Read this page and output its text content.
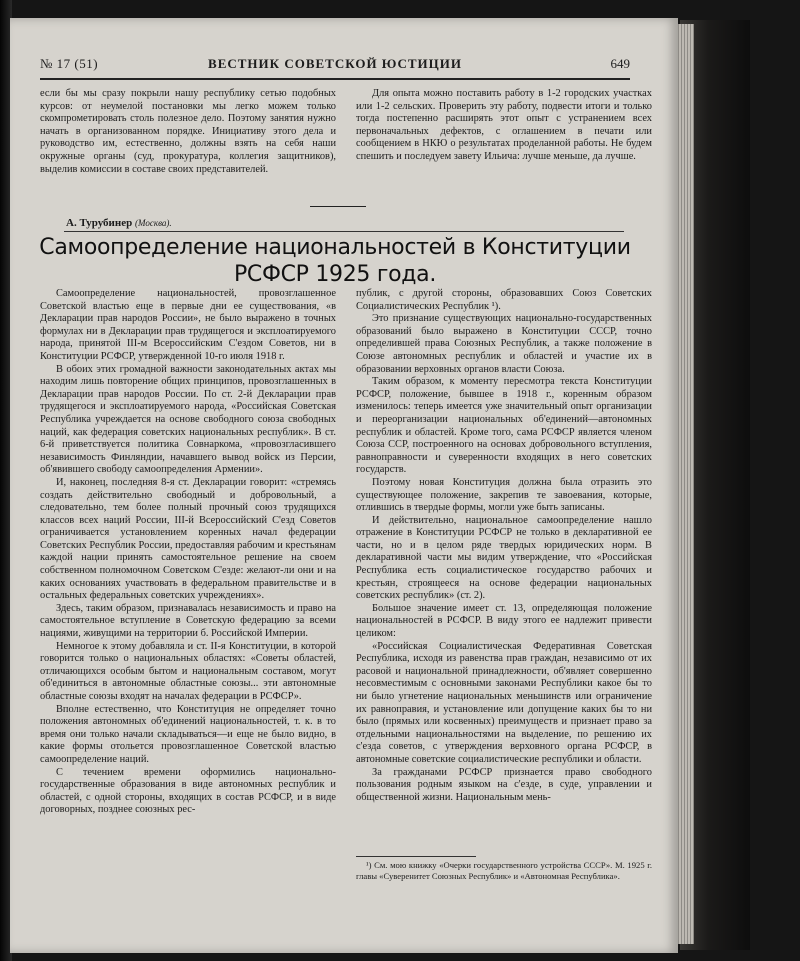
№ 17 (51)	ВЕСТНИК СОВЕТСКОЙ ЮСТИЦИИ	649

если бы мы сразу покрыли нашу республику сетью подобных курсов: от неумелой постановки мы легко можем только скомпрометировать столь полезное дело. Поэтому занятия нужно начать в организованном порядке. Инициативу этого дела и руководство им, естественно, должны взять на себя наши окружные органы (суд, прокуратура, коллегия защитников), выделив комиссии в составе своих представителей.

Для опыта можно поставить работу в 1-2 городских участках или 1-2 сельских. Проверить эту работу, подвести итоги и только тогда постепенно расширять этот опыт с устранением всех первоначальных дефектов, с оглашением в печати или сообщением в НКЮ о результатах проделанной работы. Не будем спешить и последуем завету Ильича: лучше меньше, да лучше.

А. Турубинер (Москва).
Самоопределение национальностей в Конституции РСФСР 1925 года.

Самоопределение национальностей, провозглашенное Советской властью еще в первые дни ее существования, «в Декларации прав народов России», не было выражено в точных формулах ни в Декларации прав трудящегося и эксплоатируемого народа, принятой III-м Всероссийским С'ездом Советов, ни в Конституции РСФСР, утвержденной 10-го июля 1918 г.

В обоих этих громадной важности законодательных актах мы находим лишь повторение общих принципов, провозглашенных в Декларации прав народов России. По ст. 2-й Декларации прав трудящегося и эксплоатируемого народа, «Российская Советская Республика учреждается на основе свободного союза свободных наций, как федерация советских национальных республик». В ст. 6-й приветствуется политика Совнаркома, «провозгласившего независимость Финляндии, начавшего вывод войск из Персии, об'явившего свободу самоопределения Армении».

И, наконец, последняя 8-я ст. Декларации говорит: «стремясь создать действительно свободный и добровольный, а следовательно, тем более полный прочный союз трудящихся классов всех наций России, III-й Всероссийский С'езд Советов ограничивается установлением коренных начал федерации Советских Республик России, предоставляя рабочим и крестьянам каждой нации принять самостоятельное решение на своем собственном полномочном Советском С'езде: желают-ли они и на каких основаниях участвовать в федеральном правительстве и в остальных федеральных советских учреждениях».

Здесь, таким образом, признавалась независимость и право на самостоятельное вступление в Советскую федерацию за всеми нациями, живущими на территории б. Российской Империи.

Немногое к этому добавляла и ст. II-я Конституции, в которой говорится только о национальных областях: «Советы областей, отличающихся особым бытом и национальным составом, могут об'единиться в автономные областные союзы... эти автономные областные союзы входят на началах федерации в РСФСР».

Вполне естественно, что Конституция не определяет точно положения автономных об'единений национальностей, т. к. в то время они только начали складываться—и еще не было видно, в какие формы отольется провозглашенное Советской властью самоопределение наций.

С течением времени оформились национально-государственные образования в виде автономных республик и областей, с одной стороны, входящих в состав РСФСР, и в виде договорных, позднее союзных рес-

публик, с другой стороны, образовавших Союз Советских Социалистических Республик ¹).

Это признание существующих национально-государственных образований было выражено в Конституции СССР, точно определившей права Союзных Республик, а также положение в Союзе автономных республик и областей и участие их в образовании верховных органов власти Союза.

Таким образом, к моменту пересмотра текста Конституции РСФСР, положение, бывшее в 1918 г., коренным образом изменилось: теперь имеется уже значительный опыт организации и переорганизации национальных об'единений—автономных республик и областей. Кроме того, сама РСФСР является членом Союза ССР, построенного на основах добровольного вступления, равноправности и суверенности входящих в него советских государств.

Поэтому новая Конституция должна была отразить это существующее положение, закрепив те завоевания, которые, отлившись в твердые формы, могли уже быть записаны.

И действительно, национальное самоопределение нашло отражение в Конституции РСФСР не только в декларативной ее части, но и в целом ряде твердых юридических норм. В декларативной части мы видим утверждение, что «Российская Республика есть социалистическое государство рабочих и крестьян, строящееся на основе федерации национальных советских республик» (ст. 2).

Большое значение имеет ст. 13, определяющая положение национальностей в РСФСР. В виду этого ее надлежит привести целиком:

«Российская Социалистическая Федеративная Советская Республика, исходя из равенства прав граждан, независимо от их расовой и национальной принадлежности, об'являет совершенно несовместимым с основными законами Республики какое бы то ни было угнетение национальных меньшинств или ограничение их равноправия, и установление или допущение каких бы то ни было (прямых или косвенных) преимуществ и признает право за отдельными национальностями на выделение, по решению их с'езда советов, с утверждения верховного органа РСФСР, в автономные советские социалистические республики и области.

За гражданами РСФСР признается право свободного пользования родным языком на с'езде, в суде, управлении и общественной жизни. Национальным мень-

¹) См. мою книжку «Очерки государственного устройства СССР». М. 1925 г. главы «Суверенитет Союзных Республик» и «Автономная Республика».
